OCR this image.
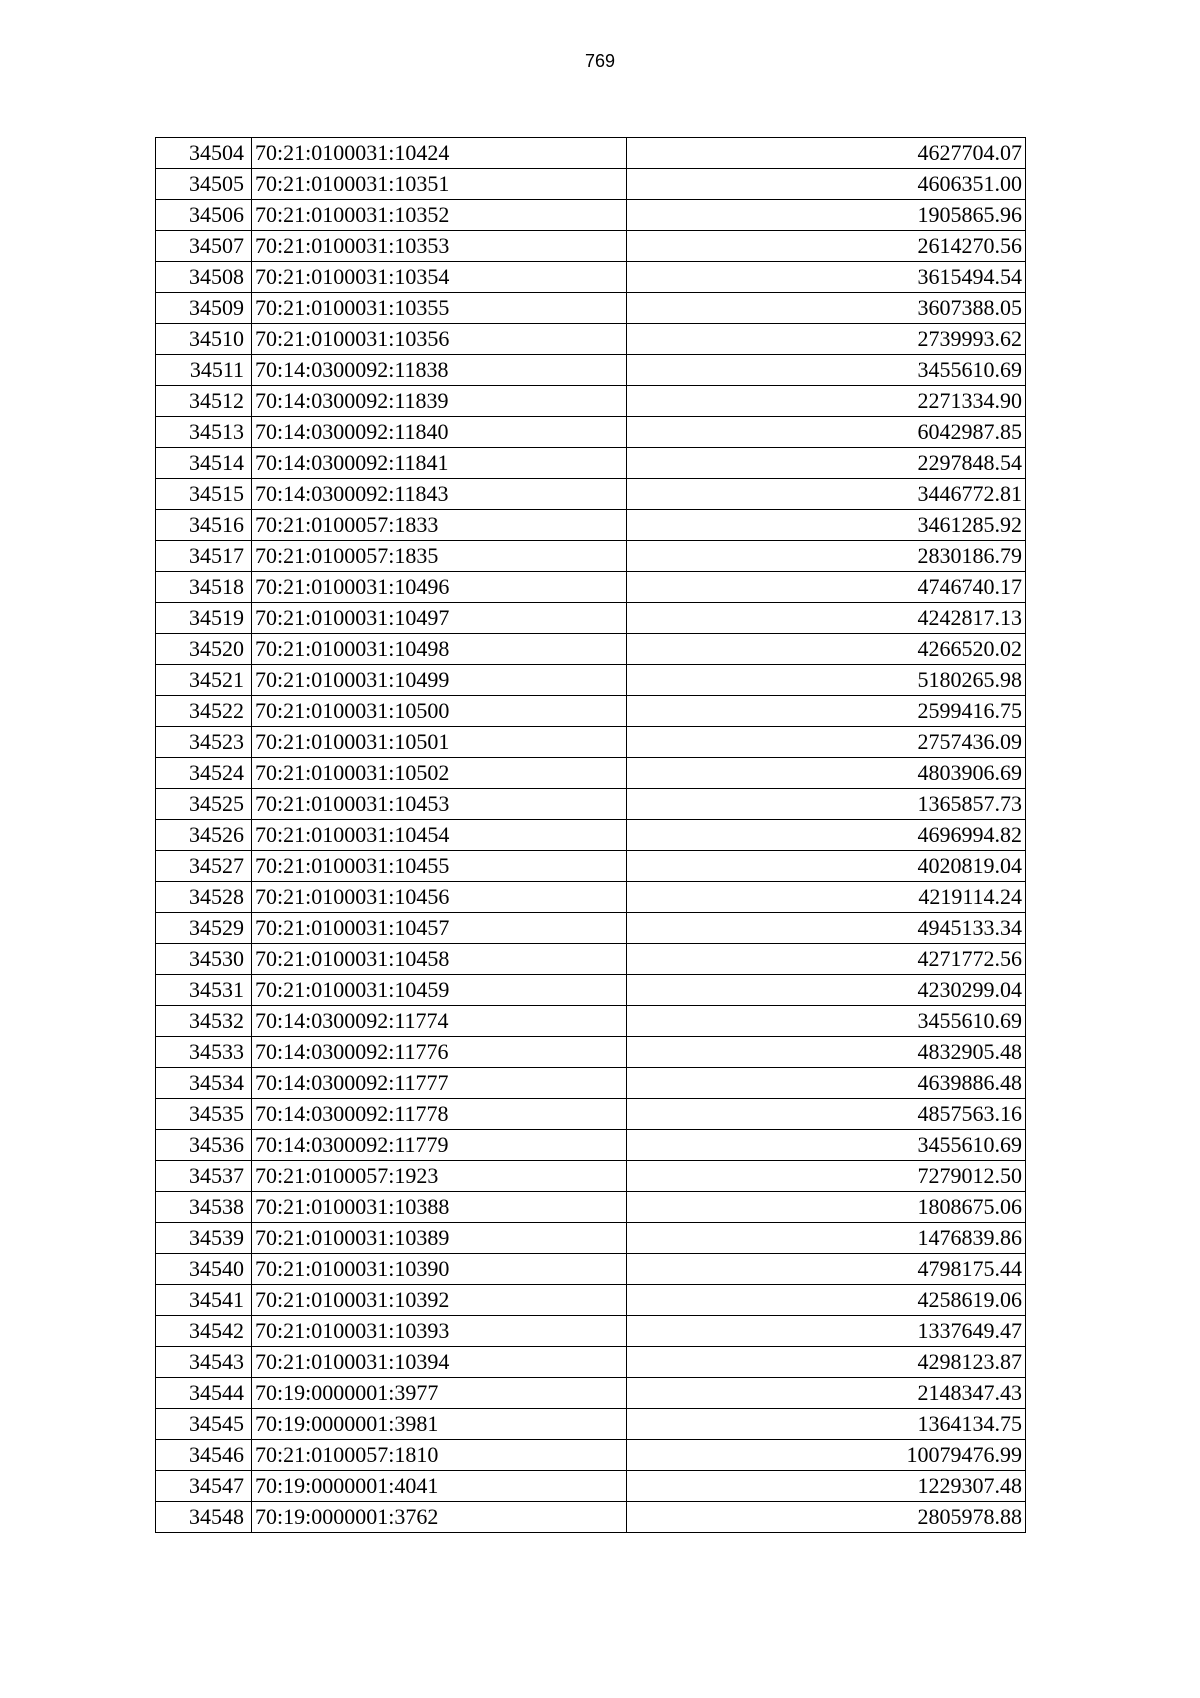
769
34504	70:21:0100031:10424	4627704.07
34505	70:21:0100031:10351	4606351.00
34506	70:21:0100031:10352	1905865.96
34507	70:21:0100031:10353	2614270.56
34508	70:21:0100031:10354	3615494.54
34509	70:21:0100031:10355	3607388.05
34510	70:21:0100031:10356	2739993.62
34511	70:14:0300092:11838	3455610.69
34512	70:14:0300092:11839	2271334.90
34513	70:14:0300092:11840	6042987.85
34514	70:14:0300092:11841	2297848.54
34515	70:14:0300092:11843	3446772.81
34516	70:21:0100057:1833	3461285.92
34517	70:21:0100057:1835	2830186.79
34518	70:21:0100031:10496	4746740.17
34519	70:21:0100031:10497	4242817.13
34520	70:21:0100031:10498	4266520.02
34521	70:21:0100031:10499	5180265.98
34522	70:21:0100031:10500	2599416.75
34523	70:21:0100031:10501	2757436.09
34524	70:21:0100031:10502	4803906.69
34525	70:21:0100031:10453	1365857.73
34526	70:21:0100031:10454	4696994.82
34527	70:21:0100031:10455	4020819.04
34528	70:21:0100031:10456	4219114.24
34529	70:21:0100031:10457	4945133.34
34530	70:21:0100031:10458	4271772.56
34531	70:21:0100031:10459	4230299.04
34532	70:14:0300092:11774	3455610.69
34533	70:14:0300092:11776	4832905.48
34534	70:14:0300092:11777	4639886.48
34535	70:14:0300092:11778	4857563.16
34536	70:14:0300092:11779	3455610.69
34537	70:21:0100057:1923	7279012.50
34538	70:21:0100031:10388	1808675.06
34539	70:21:0100031:10389	1476839.86
34540	70:21:0100031:10390	4798175.44
34541	70:21:0100031:10392	4258619.06
34542	70:21:0100031:10393	1337649.47
34543	70:21:0100031:10394	4298123.87
34544	70:19:0000001:3977	2148347.43
34545	70:19:0000001:3981	1364134.75
34546	70:21:0100057:1810	10079476.99
34547	70:19:0000001:4041	1229307.48
34548	70:19:0000001:3762	2805978.88
